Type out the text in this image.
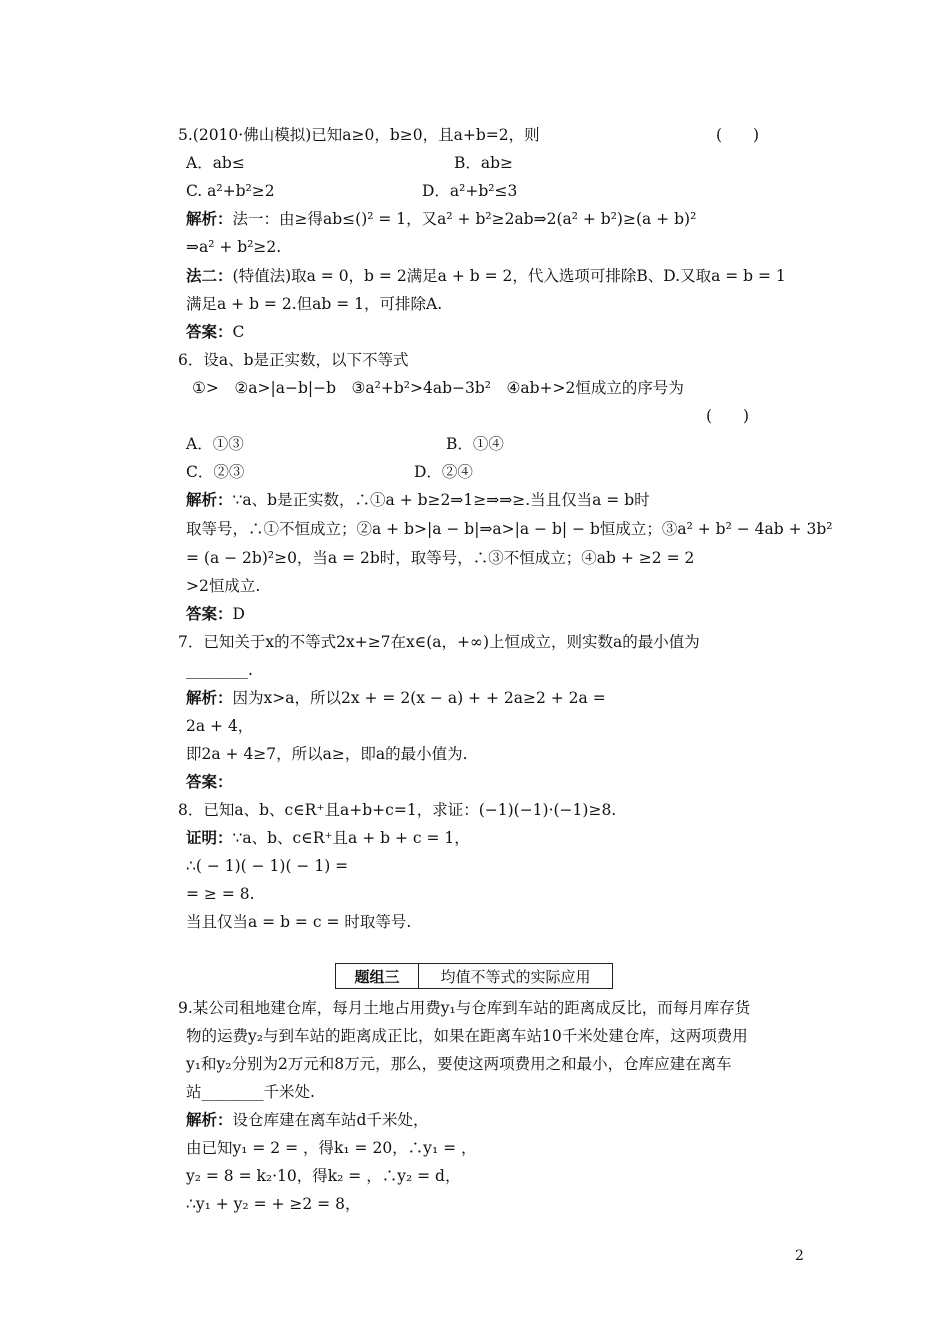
5.(2010·佛山模拟)已知a≥0，b≥0，且a+b=2，则
A．ab≤
C. a²+b²≥2
解析：法一：由≥得ab≤()² = 1，又a² + b²≥2ab⇒2(a² + b²)≥(a + b)²
⇒a² + b²≥2.
法二：(特值法)取a = 0，b = 2满足a + b = 2，代入选项可排除B、D.又取a = b = 1
满足a + b = 2.但ab = 1，可排除A.
答案：C
6．设a、b是正实数，以下不等式
①>　②a>|a−b|−b　③a²+b²>4ab−3b²　④ab+>2恒成立的序号为
A．①③
C．②③
解析：∵a、b是正实数，∴①a + b≥2⇒1≥⇒⇒≥.当且仅当a = b时
取等号，∴①不恒成立；②a + b>|a − b|⇒a>|a − b| − b恒成立；③a² + b² − 4ab + 3b²
= (a − 2b)²≥0，当a = 2b时，取等号，∴③不恒成立；④ab + ≥2 = 2
>2恒成立.
答案：D
7．已知关于x的不等式2x+≥7在x∈(a，+∞)上恒成立，则实数a的最小值为
________.
解析：因为x>a，所以2x + = 2(x − a) + + 2a≥2 + 2a =
2a + 4，
即2a + 4≥7，所以a≥，即a的最小值为.
答案：
8．已知a、b、c∈R⁺且a+b+c=1，求证：(−1)(−1)·(−1)≥8.
证明：∵a、b、c∈R⁺且a + b + c = 1，
∴( − 1)( − 1)( − 1) =
= ≥ = 8.
当且仅当a = b = c = 时取等号.
9.某公司租地建仓库，每月土地占用费y₁与仓库到车站的距离成反比，而每月库存货
物的运费y₂与到车站的距离成正比，如果在距离车站10千米处建仓库，这两项费用
y₁和y₂分别为2万元和8万元，那么，要使这两项费用之和最小，仓库应建在离车
站________千米处.
解析：设仓库建在离车站d千米处，
由已知y₁ = 2 = ，得k₁ = 20，∴y₁ = ，
y₂ = 8 = k₂·10，得k₂ = ，∴y₂ = d，
∴y₁ + y₂ = + ≥2 = 8，
B．ab≥
D．a²+b²≤3
(　　)
(　　)
B．①④
D．②④
题组三	均值不等式的实际应用
2
